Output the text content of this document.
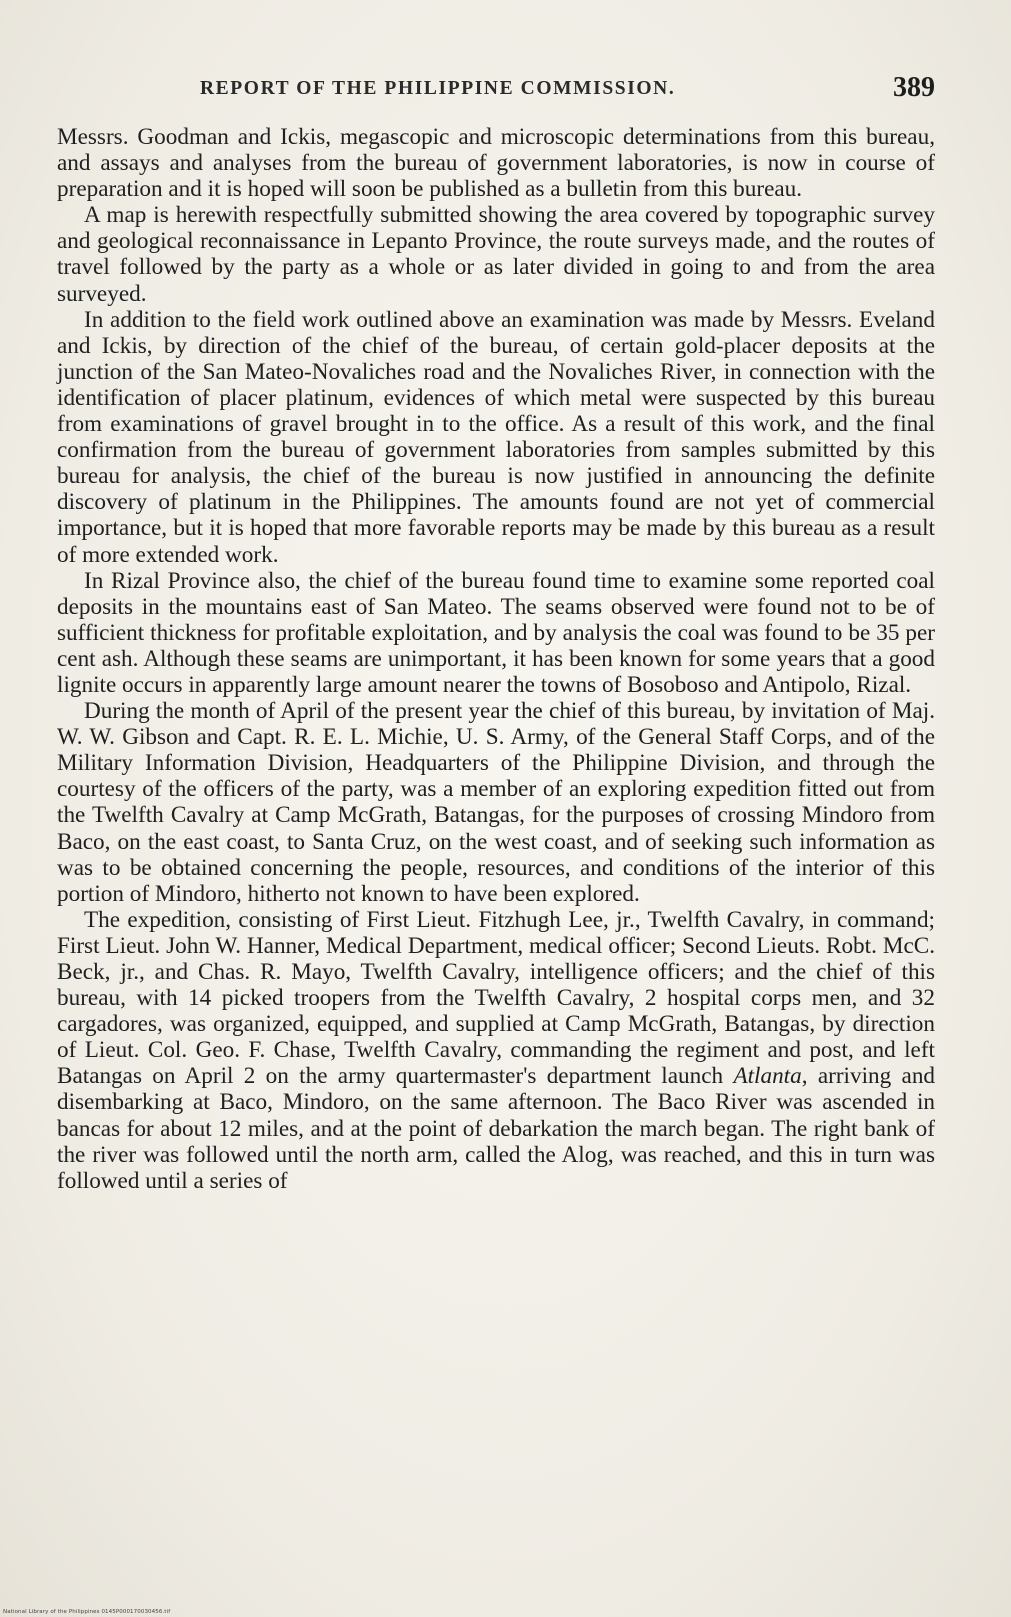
REPORT OF THE PHILIPPINE COMMISSION.	389

Messrs. Goodman and Ickis, megascopic and microscopic determinations from this bureau, and assays and analyses from the bureau of government laboratories, is now in course of preparation and it is hoped will soon be published as a bulletin from this bureau.

A map is herewith respectfully submitted showing the area covered by topographic survey and geological reconnaissance in Lepanto Province, the route surveys made, and the routes of travel followed by the party as a whole or as later divided in going to and from the area surveyed.

In addition to the field work outlined above an examination was made by Messrs. Eveland and Ickis, by direction of the chief of the bureau, of certain gold-placer deposits at the junction of the San Mateo-Novaliches road and the Novaliches River, in connection with the identification of placer platinum, evidences of which metal were suspected by this bureau from examinations of gravel brought in to the office. As a result of this work, and the final confirmation from the bureau of government laboratories from samples submitted by this bureau for analysis, the chief of the bureau is now justified in announcing the definite discovery of platinum in the Philippines. The amounts found are not yet of commercial importance, but it is hoped that more favorable reports may be made by this bureau as a result of more extended work.

In Rizal Province also, the chief of the bureau found time to examine some reported coal deposits in the mountains east of San Mateo. The seams observed were found not to be of sufficient thickness for profitable exploitation, and by analysis the coal was found to be 35 per cent ash. Although these seams are unimportant, it has been known for some years that a good lignite occurs in apparently large amount nearer the towns of Bosoboso and Antipolo, Rizal.

During the month of April of the present year the chief of this bureau, by invitation of Maj. W. W. Gibson and Capt. R. E. L. Michie, U. S. Army, of the General Staff Corps, and of the Military Information Division, Headquarters of the Philippine Division, and through the courtesy of the officers of the party, was a member of an exploring expedition fitted out from the Twelfth Cavalry at Camp McGrath, Batangas, for the purposes of crossing Mindoro from Baco, on the east coast, to Santa Cruz, on the west coast, and of seeking such information as was to be obtained concerning the people, resources, and conditions of the interior of this portion of Mindoro, hitherto not known to have been explored.

The expedition, consisting of First Lieut. Fitzhugh Lee, jr., Twelfth Cavalry, in command; First Lieut. John W. Hanner, Medical Department, medical officer; Second Lieuts. Robt. McC. Beck, jr., and Chas. R. Mayo, Twelfth Cavalry, intelligence officers; and the chief of this bureau, with 14 picked troopers from the Twelfth Cavalry, 2 hospital corps men, and 32 cargadores, was organized, equipped, and supplied at Camp McGrath, Batangas, by direction of Lieut. Col. Geo. F. Chase, Twelfth Cavalry, commanding the regiment and post, and left Batangas on April 2 on the army quartermaster's department launch Atlanta, arriving and disembarking at Baco, Mindoro, on the same afternoon. The Baco River was ascended in bancas for about 12 miles, and at the point of debarkation the march began. The right bank of the river was followed until the north arm, called the Alog, was reached, and this in turn was followed until a series of

National Library of the Philippines 0145P000170030456.tif
